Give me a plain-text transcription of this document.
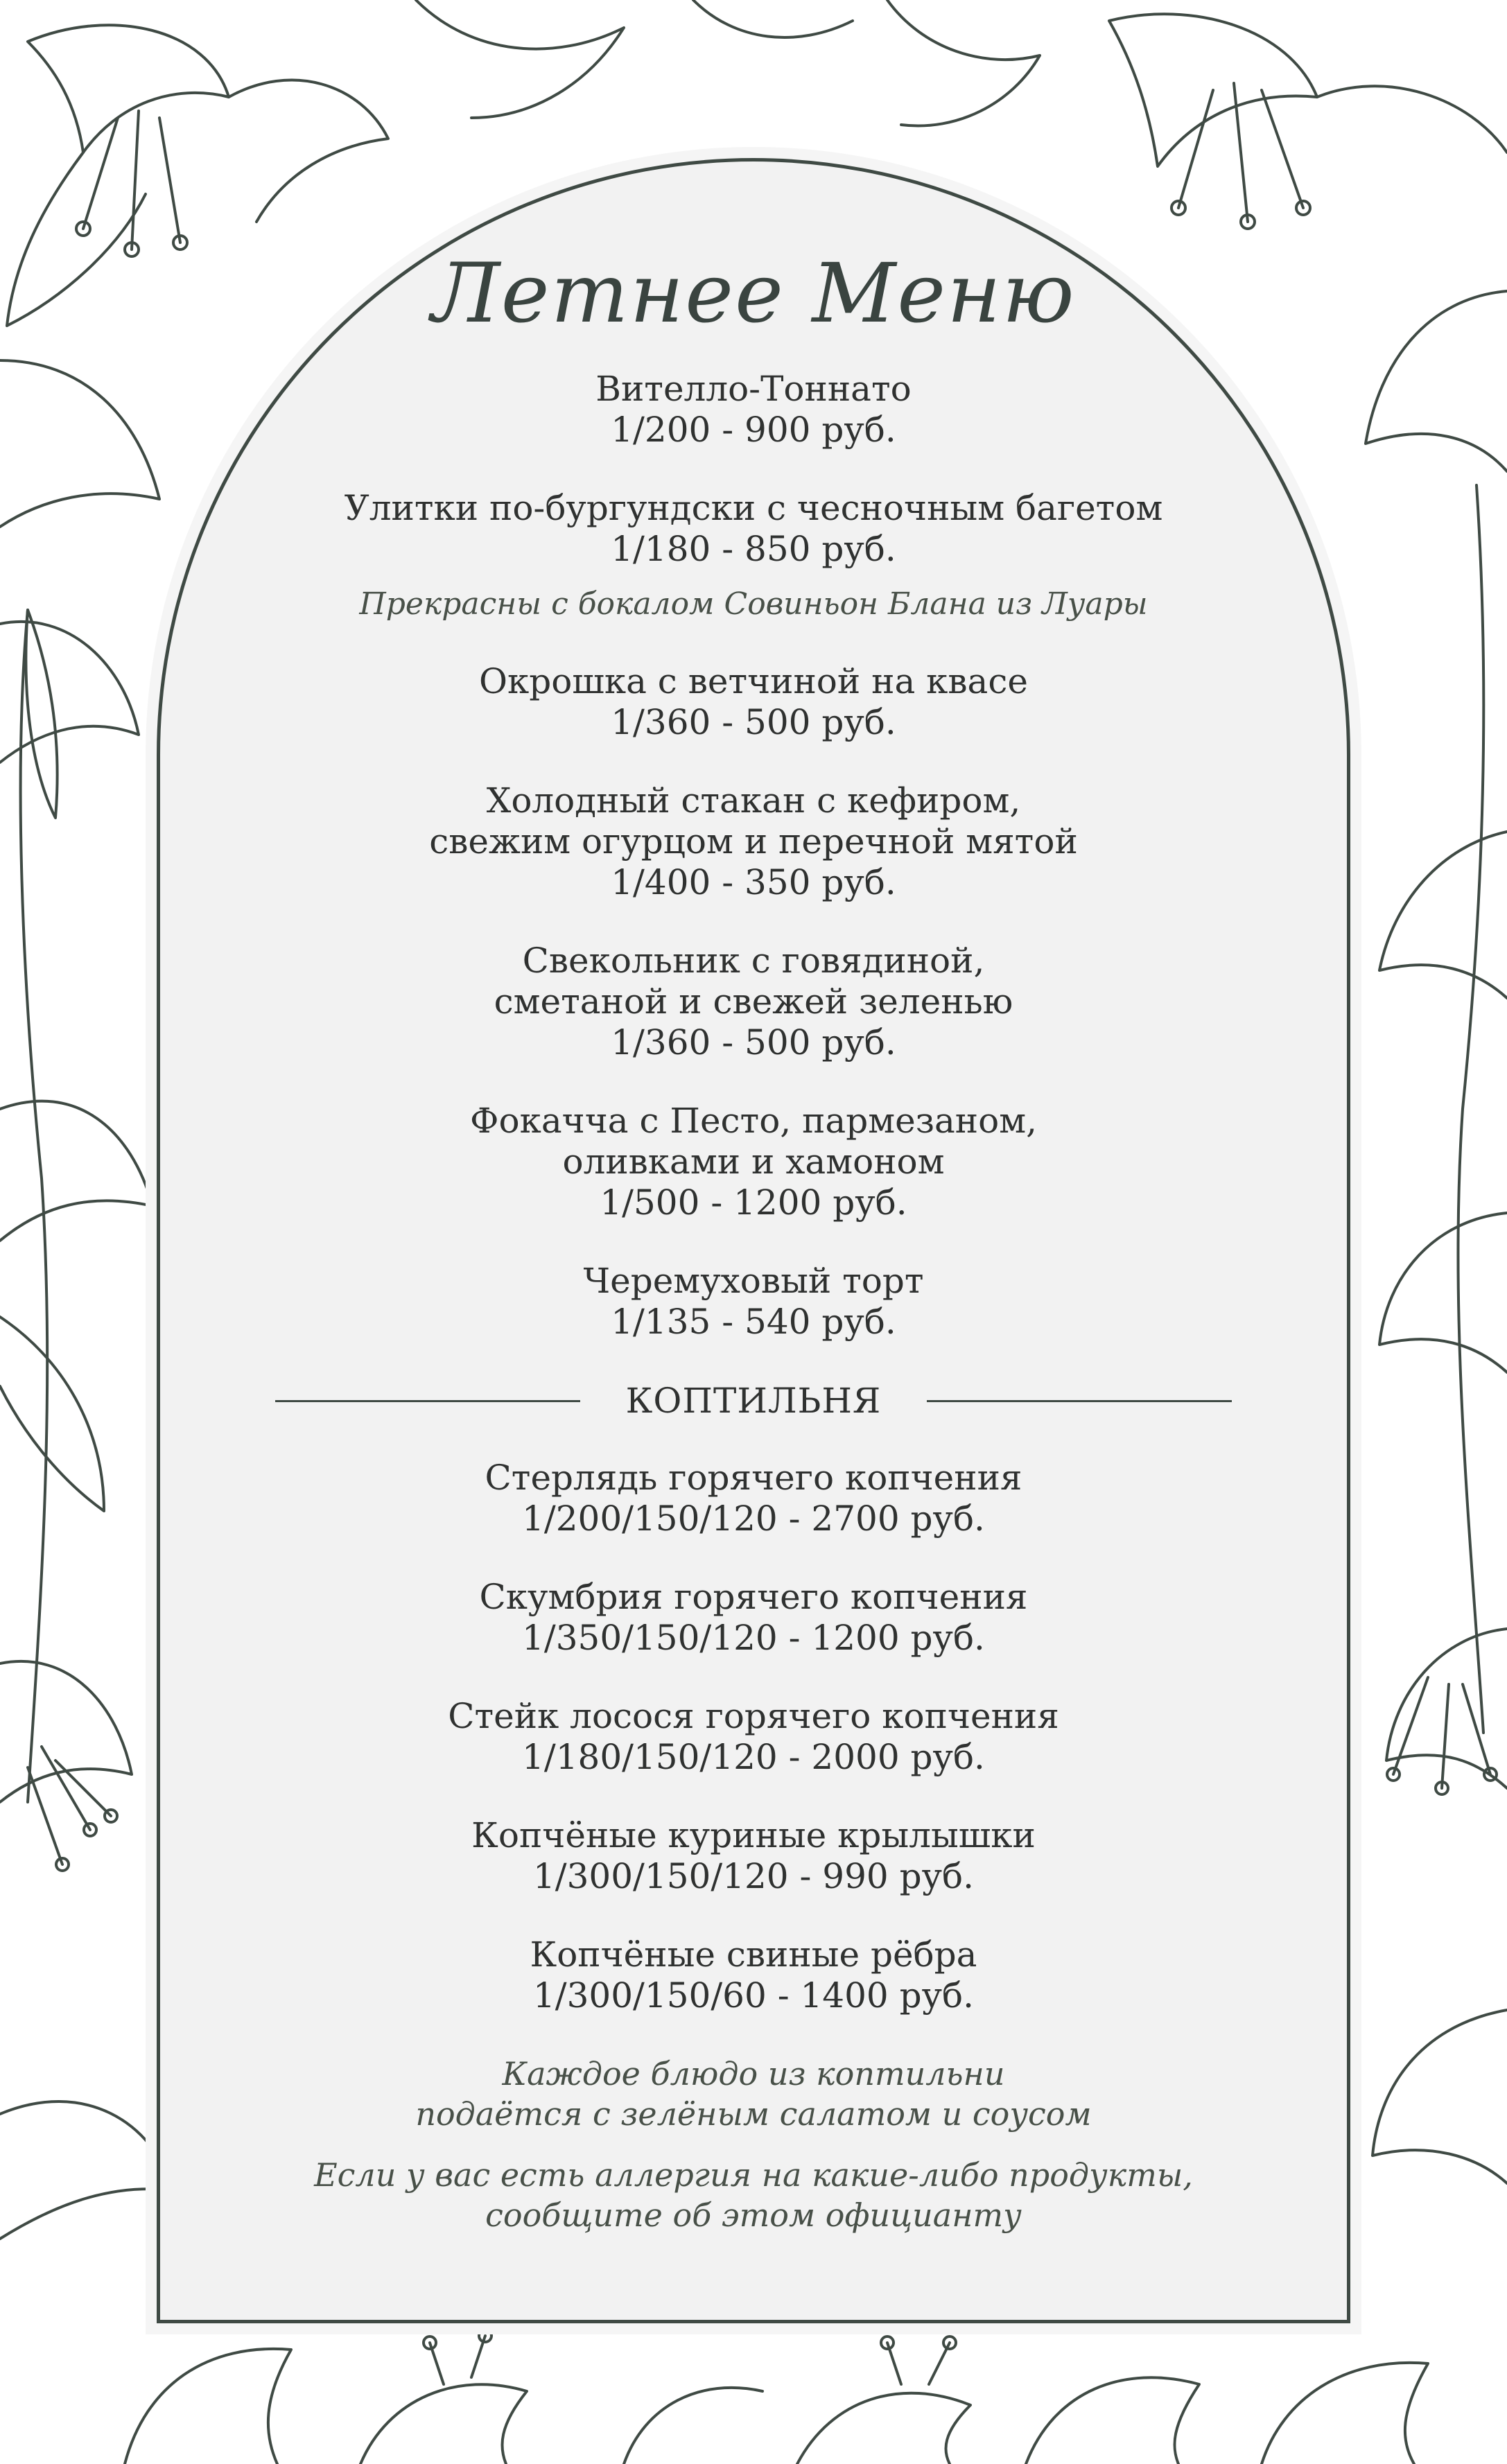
Летнее Меню
Вителло-Тоннато
1/200 - 900 руб.
Улитки по-бургундски с чесночным багетом
1/180 - 850 руб.
Прекрасны с бокалом Совиньон Блана из Луары
Окрошка с ветчиной на квасе
1/360 - 500 руб.
Холодный стакан с кефиром,
свежим огурцом и перечной мятой
1/400 - 350 руб.
Свекольник с говядиной,
сметаной и свежей зеленью
1/360 - 500 руб.
Фокачча с Песто, пармезаном,
оливками и хамоном
1/500 - 1200 руб.
Черемуховый торт
1/135 - 540 руб.
КОПТИЛЬНЯ
Стерлядь горячего копчения
1/200/150/120 - 2700 руб.
Скумбрия горячего копчения
1/350/150/120 - 1200 руб.
Стейк лосося горячего копчения
1/180/150/120 - 2000 руб.
Копчёные куриные крылышки
1/300/150/120 - 990 руб.
Копчёные свиные рёбра
1/300/150/60 - 1400 руб.
Каждое блюдо из коптильни
подаётся с зелёным салатом и соусом
Если у вас есть аллергия на какие-либо продукты,
сообщите об этом официанту
